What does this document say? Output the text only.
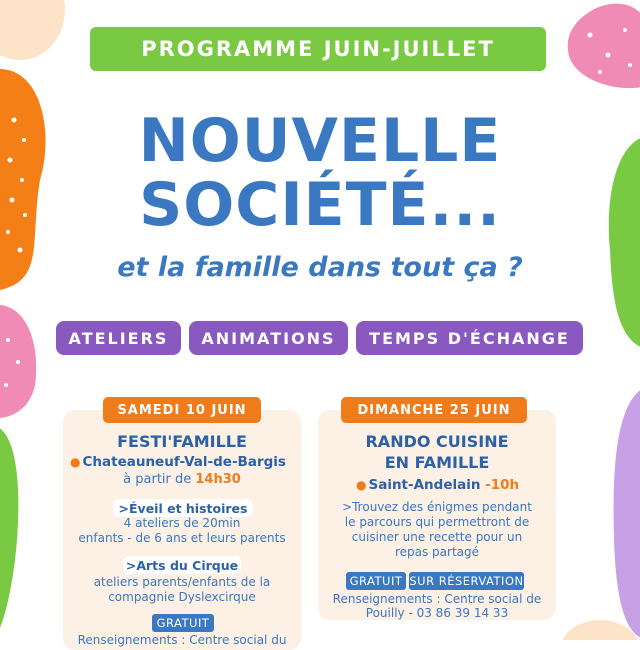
PROGRAMME JUIN-JUILLET
NOUVELLE
SOCIÉTÉ...
et la famille dans tout ça ?
ATELIERS	ANIMATIONS	TEMPS D'ÉCHANGE
SAMEDI 10 JUIN
FESTI'FAMILLE
● Chateauneuf-Val-de-Bargis
à partir de 14h30
>Éveil et histoires
4 ateliers de 20min
enfants - de 6 ans et leurs parents
>Arts du Cirque
ateliers parents/enfants de la
compagnie Dyslexcirque
GRATUIT
Renseignements : Centre social du
DIMANCHE 25 JUIN
RANDO CUISINE
EN FAMILLE
● Saint-Andelain -10h
>Trouvez des énigmes pendant
le parcours qui permettront de
cuisiner une recette pour un
repas partagé
GRATUIT SUR RÉSERVATION
Renseignements : Centre social de
Pouilly - 03 86 39 14 33
